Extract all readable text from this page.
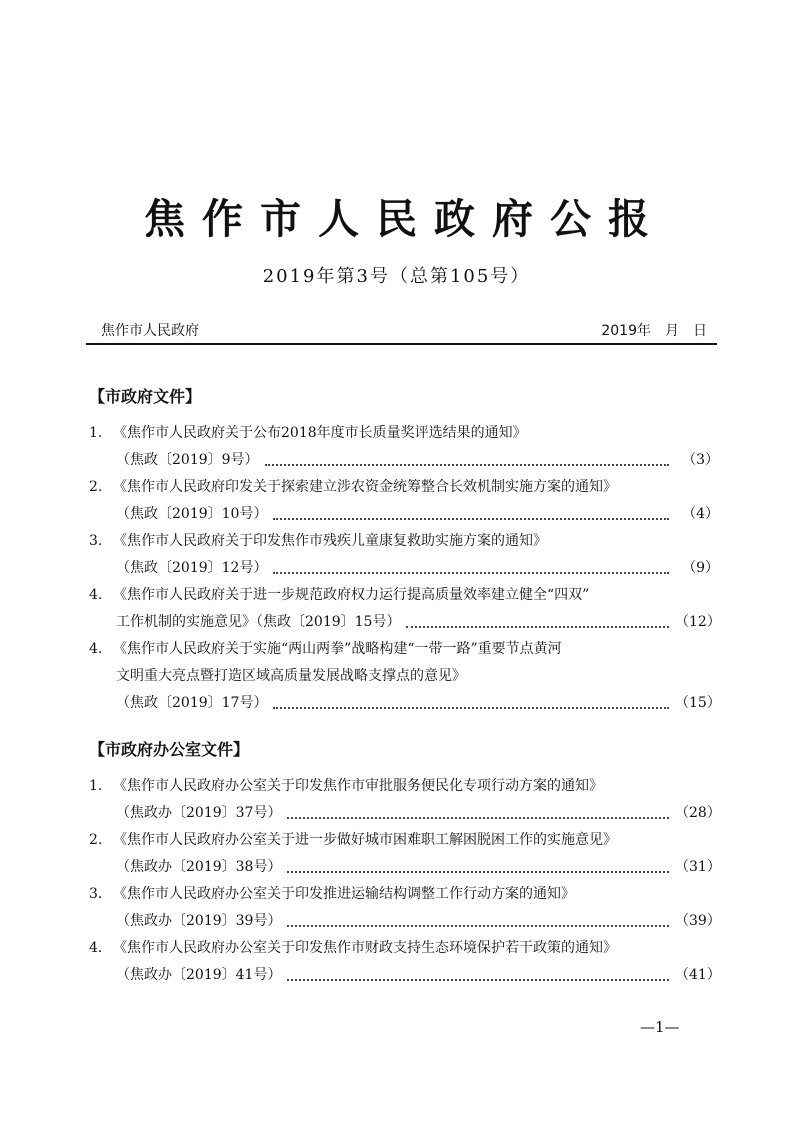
焦作市人民政府公报
2019年第3号（总第105号）
焦作市人民政府	2019年　月　日
【市政府文件】
1. 《焦作市人民政府关于公布2018年度市长质量奖评选结果的通知》
（焦政〔2019〕9号）	（3）
2. 《焦作市人民政府印发关于探索建立涉农资金统筹整合长效机制实施方案的通知》
（焦政〔2019〕10号）	（4）
3. 《焦作市人民政府关于印发焦作市残疾儿童康复救助实施方案的通知》
（焦政〔2019〕12号）	（9）
4. 《焦作市人民政府关于进一步规范政府权力运行提高质量效率建立健全“四双”
工作机制的实施意见》（焦政〔2019〕15号）	（12）
4. 《焦作市人民政府关于实施“两山两拳”战略构建“一带一路”重要节点黄河
文明重大亮点暨打造区域高质量发展战略支撑点的意见》
（焦政〔2019〕17号）	（15）
【市政府办公室文件】
1. 《焦作市人民政府办公室关于印发焦作市审批服务便民化专项行动方案的通知》
（焦政办〔2019〕37号）	（28）
2. 《焦作市人民政府办公室关于进一步做好城市困难职工解困脱困工作的实施意见》
（焦政办〔2019〕38号）	（31）
3. 《焦作市人民政府办公室关于印发推进运输结构调整工作行动方案的通知》
（焦政办〔2019〕39号）	（39）
4. 《焦作市人民政府办公室关于印发焦作市财政支持生态环境保护若干政策的通知》
（焦政办〔2019〕41号）	（41）
—1—
